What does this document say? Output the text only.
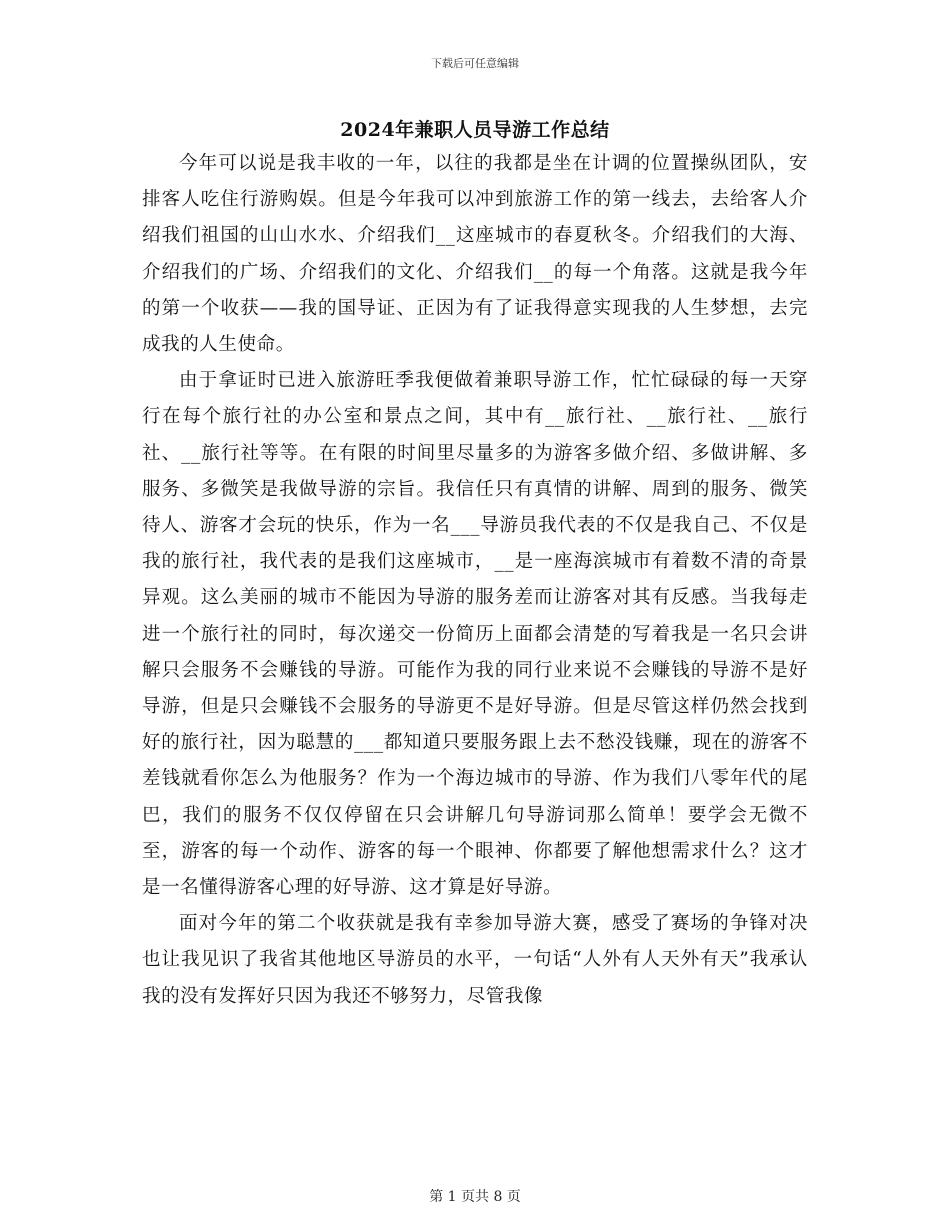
下载后可任意编辑
2024年兼职人员导游工作总结

今年可以说是我丰收的一年，以往的我都是坐在计调的位置操纵团队，安排客人吃住行游购娱。但是今年我可以冲到旅游工作的第一线去，去给客人介绍我们祖国的山山水水、介绍我们__这座城市的春夏秋冬。介绍我们的大海、介绍我们的广场、介绍我们的文化、介绍我们__的每一个角落。这就是我今年的第一个收获——我的国导证、正因为有了证我得意实现我的人生梦想，去完成我的人生使命。

由于拿证时已进入旅游旺季我便做着兼职导游工作，忙忙碌碌的每一天穿行在每个旅行社的办公室和景点之间，其中有__旅行社、__旅行社、__旅行社、__旅行社等等。在有限的时间里尽量多的为游客多做介绍、多做讲解、多服务、多微笑是我做导游的宗旨。我信任只有真情的讲解、周到的服务、微笑待人、游客才会玩的快乐，作为一名___导游员我代表的不仅是我自己、不仅是我的旅行社，我代表的是我们这座城市，__是一座海滨城市有着数不清的奇景异观。这么美丽的城市不能因为导游的服务差而让游客对其有反感。当我每走进一个旅行社的同时，每次递交一份简历上面都会清楚的写着我是一名只会讲解只会服务不会赚钱的导游。可能作为我的同行业来说不会赚钱的导游不是好导游，但是只会赚钱不会服务的导游更不是好导游。但是尽管这样仍然会找到好的旅行社，因为聪慧的___都知道只要服务跟上去不愁没钱赚，现在的游客不差钱就看你怎么为他服务？作为一个海边城市的导游、作为我们八零年代的尾巴，我们的服务不仅仅停留在只会讲解几句导游词那么简单！要学会无微不至，游客的每一个动作、游客的每一个眼神、你都要了解他想需求什么？这才是一名懂得游客心理的好导游、这才算是好导游。

面对今年的第二个收获就是我有幸参加导游大赛，感受了赛场的争锋对决也让我见识了我省其他地区导游员的水平，一句话“人外有人天外有天”我承认我的没有发挥好只因为我还不够努力，尽管我像

第 1 页共 8 页
